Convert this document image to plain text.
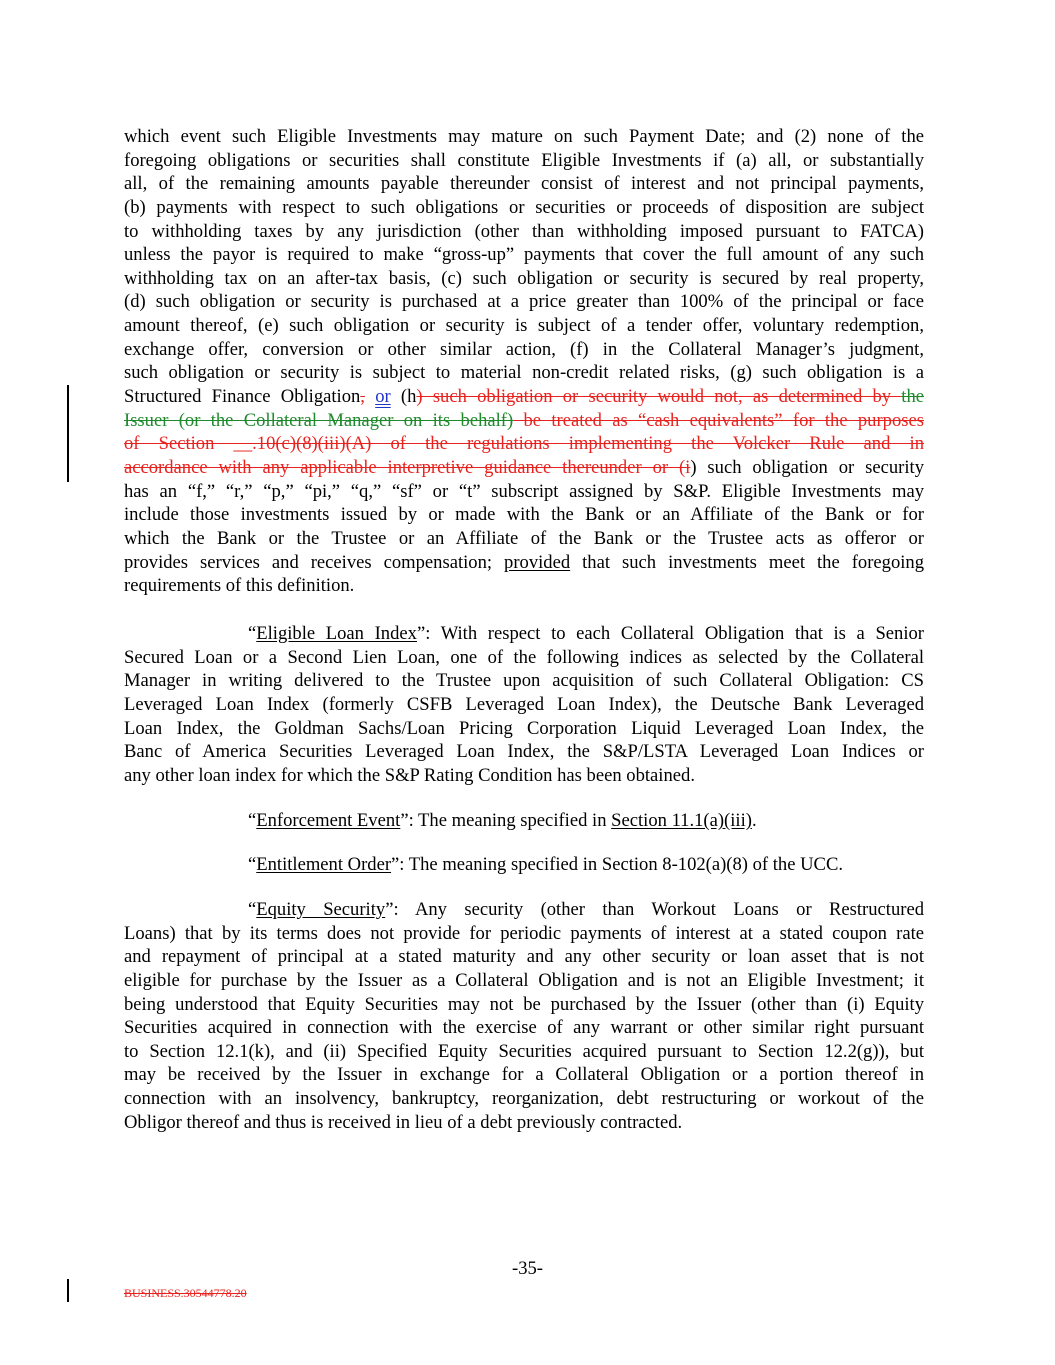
which event such Eligible Investments may mature on such Payment Date; and (2) none of the
foregoing obligations or securities shall constitute Eligible Investments if (a) all, or substantially
all, of the remaining amounts payable thereunder consist of interest and not principal payments,
(b) payments with respect to such obligations or securities or proceeds of disposition are subject
to withholding taxes by any jurisdiction (other than withholding imposed pursuant to FATCA)
unless the payor is required to make “gross-up” payments that cover the full amount of any such
withholding tax on an after-tax basis, (c) such obligation or security is secured by real property,
(d) such obligation or security is purchased at a price greater than 100% of the principal or face
amount thereof, (e) such obligation or security is subject of a tender offer, voluntary redemption,
exchange offer, conversion or other similar action, (f) in the Collateral Manager’s judgment,
such obligation or security is subject to material non-credit related risks, (g) such obligation is a
Structured Finance Obligation, or (h) such obligation or security would not, as determined by the
Issuer (or the Collateral Manager on its behalf) be treated as “cash equivalents” for the purposes
of Section __.10(c)(8)(iii)(A) of the regulations implementing the Volcker Rule and in
accordance with any applicable interpretive guidance thereunder or (i) such obligation or security
has an “f,” “r,” “p,” “pi,” “q,” “sf” or “t” subscript assigned by S&P. Eligible Investments may
include those investments issued by or made with the Bank or an Affiliate of the Bank or for
which the Bank or the Trustee or an Affiliate of the Bank or the Trustee acts as offeror or
provides services and receives compensation; provided that such investments meet the foregoing
requirements of this definition.
“Eligible Loan Index”: With respect to each Collateral Obligation that is a Senior
Secured Loan or a Second Lien Loan, one of the following indices as selected by the Collateral
Manager in writing delivered to the Trustee upon acquisition of such Collateral Obligation: CS
Leveraged Loan Index (formerly CSFB Leveraged Loan Index), the Deutsche Bank Leveraged
Loan Index, the Goldman Sachs/Loan Pricing Corporation Liquid Leveraged Loan Index, the
Banc of America Securities Leveraged Loan Index, the S&P/LSTA Leveraged Loan Indices or
any other loan index for which the S&P Rating Condition has been obtained.
“Enforcement Event”: The meaning specified in Section 11.1(a)(iii).
“Entitlement Order”: The meaning specified in Section 8-102(a)(8) of the UCC.
“Equity Security”: Any security (other than Workout Loans or Restructured
Loans) that by its terms does not provide for periodic payments of interest at a stated coupon rate
and repayment of principal at a stated maturity and any other security or loan asset that is not
eligible for purchase by the Issuer as a Collateral Obligation and is not an Eligible Investment; it
being understood that Equity Securities may not be purchased by the Issuer (other than (i) Equity
Securities acquired in connection with the exercise of any warrant or other similar right pursuant
to Section 12.1(k), and (ii) Specified Equity Securities acquired pursuant to Section 12.2(g)), but
may be received by the Issuer in exchange for a Collateral Obligation or a portion thereof in
connection with an insolvency, bankruptcy, reorganization, debt restructuring or workout of the
Obligor thereof and thus is received in lieu of a debt previously contracted.
-35-
BUSINESS.30544778.20
